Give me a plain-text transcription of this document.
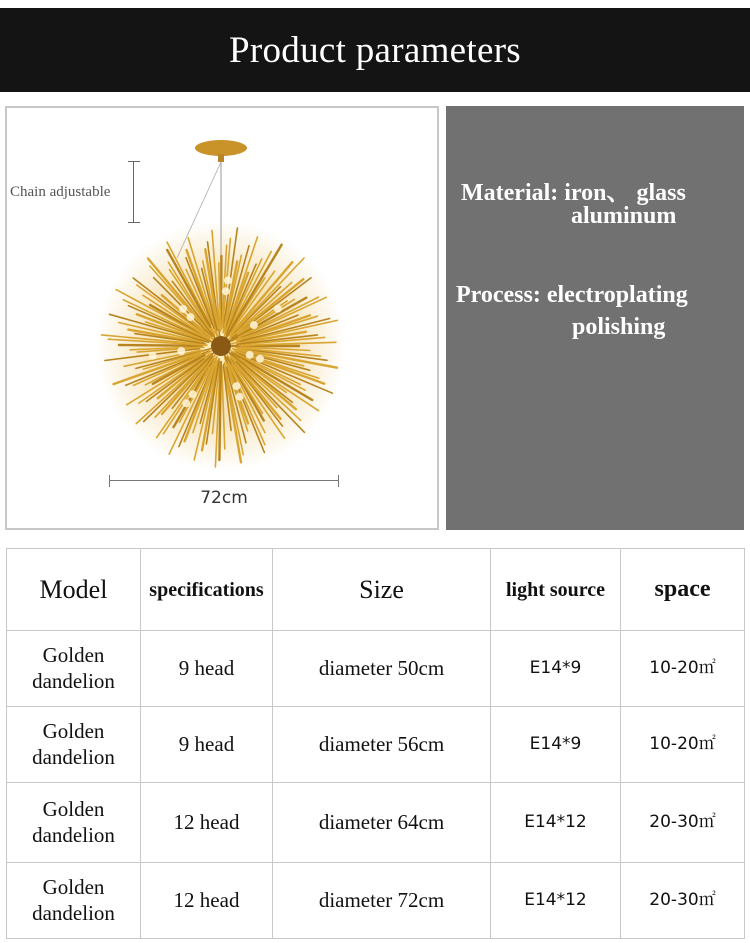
Product parameters
Chain adjustable
72cm
Material: iron、 glass
aluminum
Process: electroplating
polishing
Model	specifications	Size	light source	space
Golden
dandelion	9 head	diameter 50cm	E14*9	10-20㎡
Golden
dandelion	9 head	diameter 56cm	E14*9	10-20㎡
Golden
dandelion	12 head	diameter 64cm	E14*12	20-30㎡
Golden
dandelion	12 head	diameter 72cm	E14*12	20-30㎡
